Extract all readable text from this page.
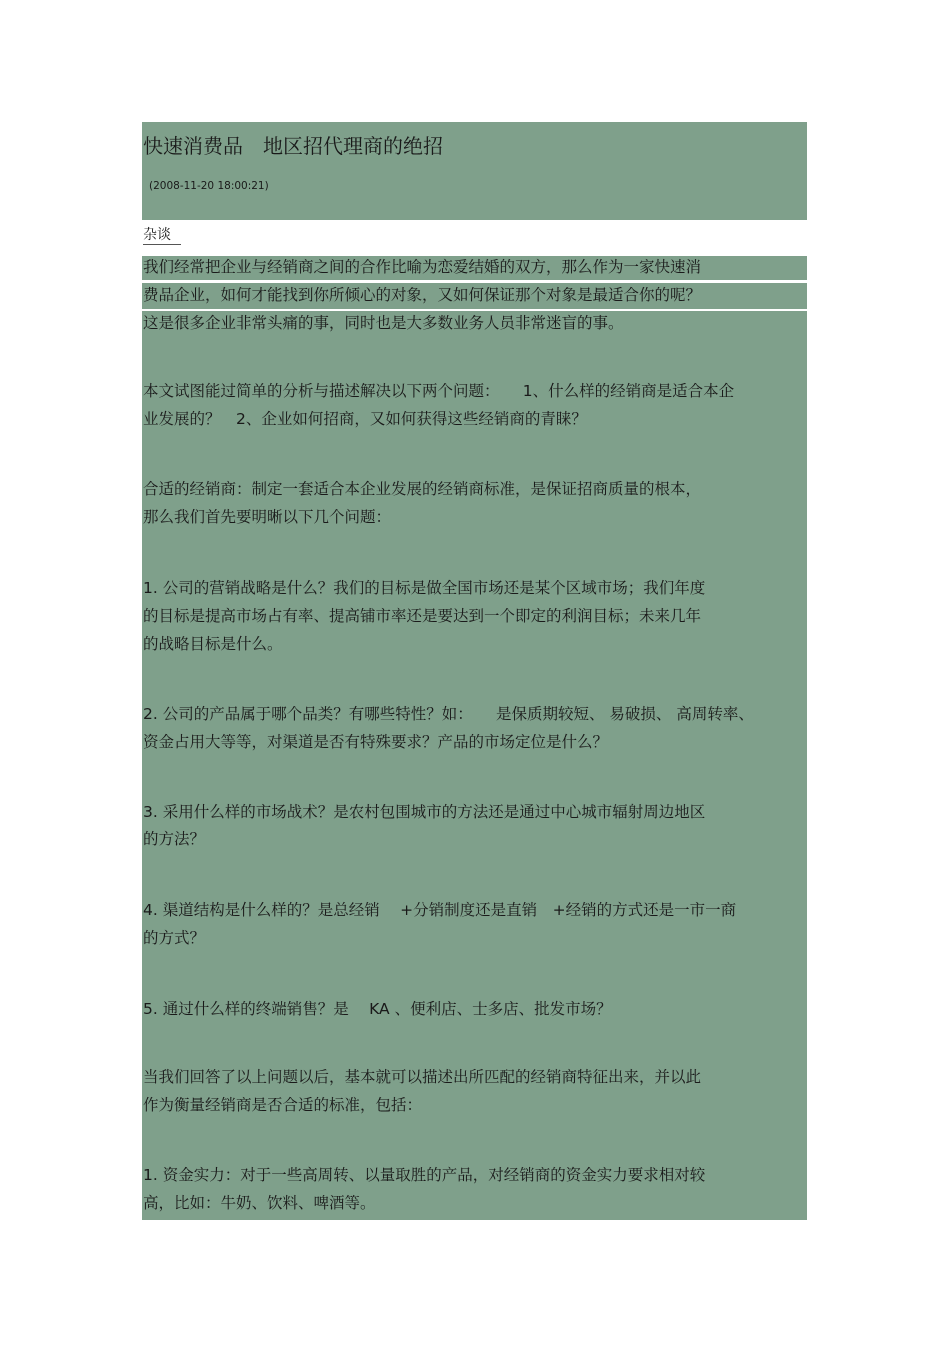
快速消费品　地区招代理商的绝招
(2008-11-20 18:00:21)
杂谈
我们经常把企业与经销商之间的合作比喻为恋爱结婚的双方，那么作为一家快速消
费品企业，如何才能找到你所倾心的对象，又如何保证那个对象是最适合你的呢？
这是很多企业非常头痛的事，同时也是大多数业务人员非常迷盲的事。
本文试图能过简单的分析与描述解决以下两个问题：　　1、什么样的经销商是适合本企
业发展的？　2、企业如何招商，又如何获得这些经销商的青睐？
合适的经销商：制定一套适合本企业发展的经销商标准，是保证招商质量的根本，
那么我们首先要明晰以下几个问题：
1. 公司的营销战略是什么？我们的目标是做全国市场还是某个区域市场；我们年度
的目标是提高市场占有率、提高铺市率还是要达到一个即定的利润目标；未来几年
的战略目标是什么。
2. 公司的产品属于哪个品类？有哪些特性？如：　　是保质期较短、 易破损、 高周转率、
资金占用大等等，对渠道是否有特殊要求？产品的市场定位是什么？
3. 采用什么样的市场战术？是农村包围城市的方法还是通过中心城市辐射周边地区
的方法？
4. 渠道结构是什么样的？是总经销　 +分销制度还是直销　+经销的方式还是一市一商
的方式？
5. 通过什么样的终端销售？是　 KA 、便利店、士多店、批发市场？
当我们回答了以上问题以后，基本就可以描述出所匹配的经销商特征出来，并以此
作为衡量经销商是否合适的标准，包括：
1. 资金实力：对于一些高周转、以量取胜的产品，对经销商的资金实力要求相对较
高，比如：牛奶、饮料、啤酒等。
